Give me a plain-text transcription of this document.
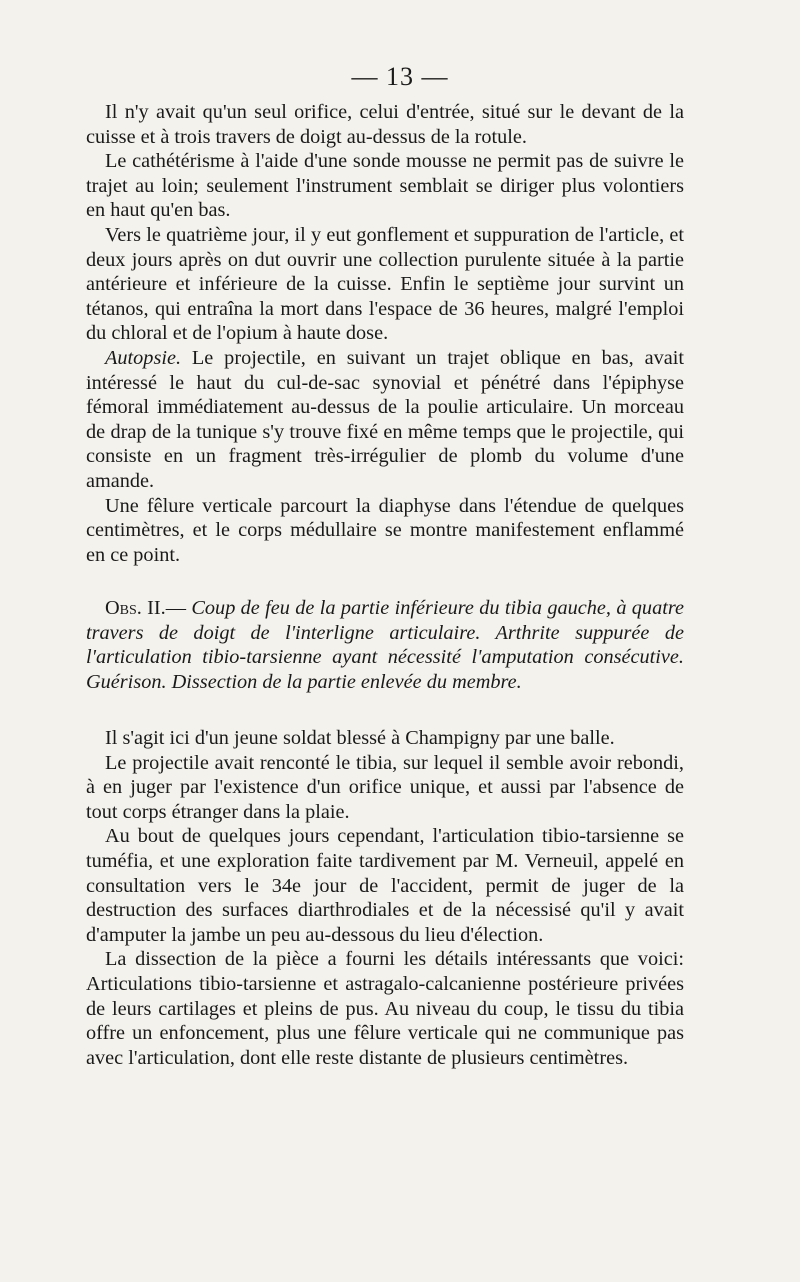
— 13 —

Il n'y avait qu'un seul orifice, celui d'entrée, situé sur le devant de la cuisse et à trois travers de doigt au-dessus de la rotule.

Le cathétérisme à l'aide d'une sonde mousse ne permit pas de suivre le trajet au loin; seulement l'instrument semblait se diriger plus volontiers en haut qu'en bas.

Vers le quatrième jour, il y eut gonflement et suppuration de l'article, et deux jours après on dut ouvrir une collection purulente située à la partie antérieure et inférieure de la cuisse. Enfin le septième jour survint un tétanos, qui entraîna la mort dans l'espace de 36 heures, malgré l'emploi du chloral et de l'opium à haute dose.

Autopsie. Le projectile, en suivant un trajet oblique en bas, avait intéressé le haut du cul-de-sac synovial et pénétré dans l'épiphyse fémoral immédiatement au-dessus de la poulie articulaire. Un morceau de drap de la tunique s'y trouve fixé en même temps que le projectile, qui consiste en un fragment très-irrégulier de plomb du volume d'une amande.

Une fêlure verticale parcourt la diaphyse dans l'étendue de quelques centimètres, et le corps médullaire se montre manifestement enflammé en ce point.

Obs. II.— Coup de feu de la partie inférieure du tibia gauche, à quatre travers de doigt de l'interligne articulaire. Arthrite suppurée de l'articulation tibio-tarsienne ayant nécessité l'amputation consécutive. Guérison. Dissection de la partie enlevée du membre.

Il s'agit ici d'un jeune soldat blessé à Champigny par une balle.

Le projectile avait renconté le tibia, sur lequel il semble avoir rebondi, à en juger par l'existence d'un orifice unique, et aussi par l'absence de tout corps étranger dans la plaie.

Au bout de quelques jours cependant, l'articulation tibio-tarsienne se tuméfia, et une exploration faite tardivement par M. Verneuil, appelé en consultation vers le 34e jour de l'accident, permit de juger de la destruction des surfaces diarthrodiales et de la nécessisé qu'il y avait d'amputer la jambe un peu au-dessous du lieu d'élection.

La dissection de la pièce a fourni les détails intéressants que voici: Articulations tibio-tarsienne et astragalo-calcanienne postérieure privées de leurs cartilages et pleins de pus. Au niveau du coup, le tissu du tibia offre un enfoncement, plus une fêlure verticale qui ne communique pas avec l'articulation, dont elle reste distante de plusieurs centimètres.
